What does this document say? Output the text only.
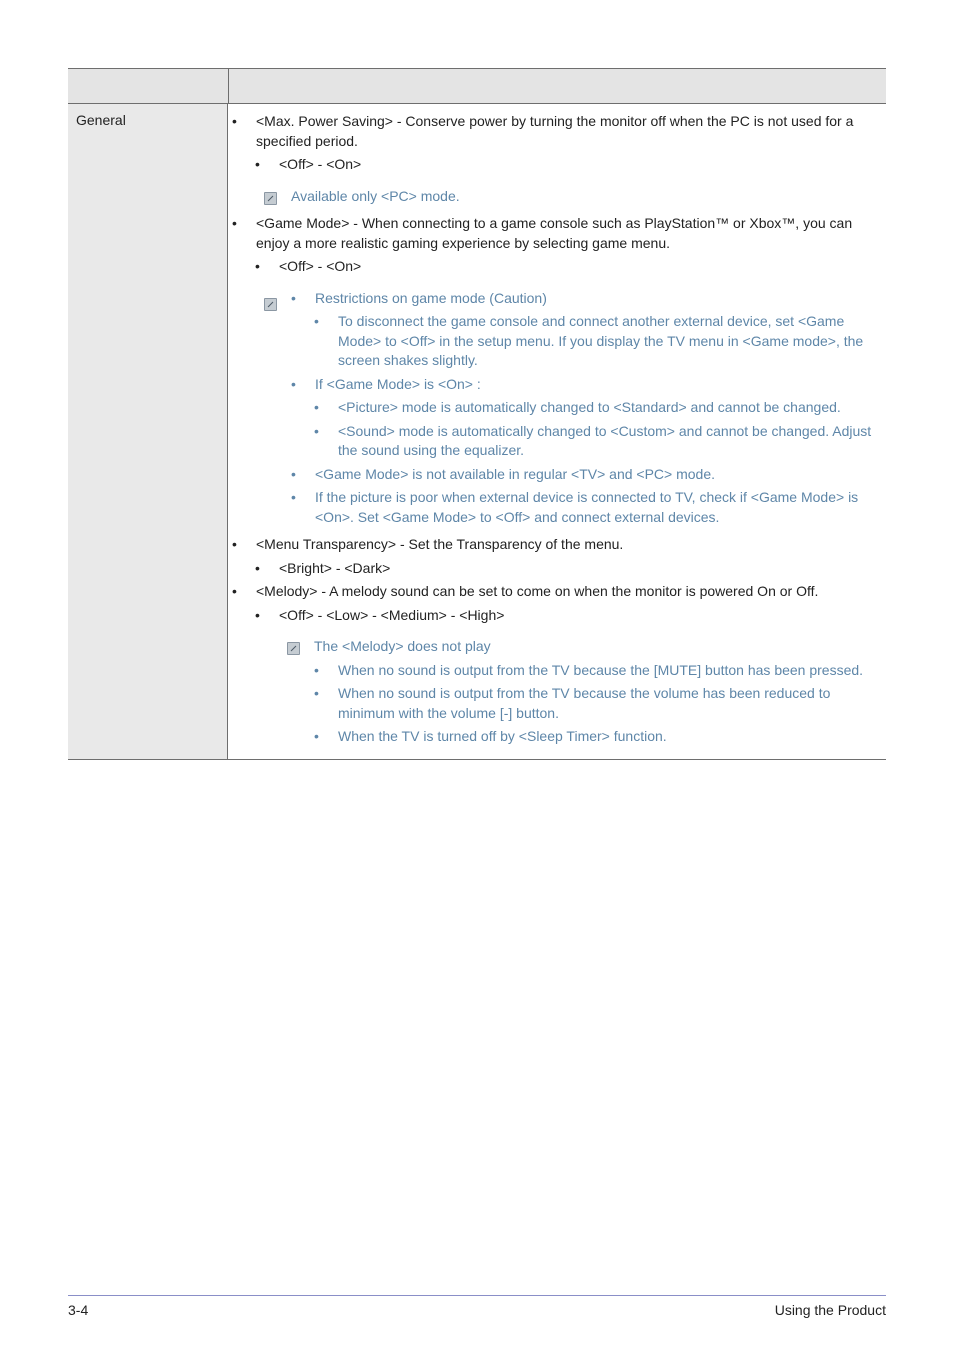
General
•	<Max. Power Saving> - Conserve power by turning the monitor off when the PC is not used for a specified period.
• <Off> - <On>
Available only <PC> mode.
• <Game Mode> - When connecting to a game console such as PlayStation™ or Xbox™, you can enjoy a more realistic gaming experience by selecting game menu.
• <Off> - <On>
• Restrictions on game mode (Caution)
• To disconnect the game console and connect another external device, set <Game Mode> to <Off> in the setup menu. If you display the TV menu in <Game mode>, the screen shakes slightly.
• If <Game Mode> is <On> :
• <Picture> mode is automatically changed to <Standard> and cannot be changed.
• <Sound> mode is automatically changed to <Custom> and cannot be changed. Adjust the sound using the equalizer.
• <Game Mode> is not available in regular <TV> and <PC> mode.
• If the picture is poor when external device is connected to TV, check if <Game Mode> is <On>. Set <Game Mode> to <Off> and connect external devices.
• <Menu Transparency> - Set the Transparency of the menu.
• <Bright> - <Dark>
• <Melody> - A melody sound can be set to come on when the monitor is powered On or Off.
• <Off> - <Low> - <Medium> - <High>
The <Melody> does not play
• When no sound is output from the TV because the [MUTE] button has been pressed.
• When no sound is output from the TV because the volume has been reduced to minimum with the volume [-] button.
• When the TV is turned off by <Sleep Timer> function.
3-4	Using the Product
